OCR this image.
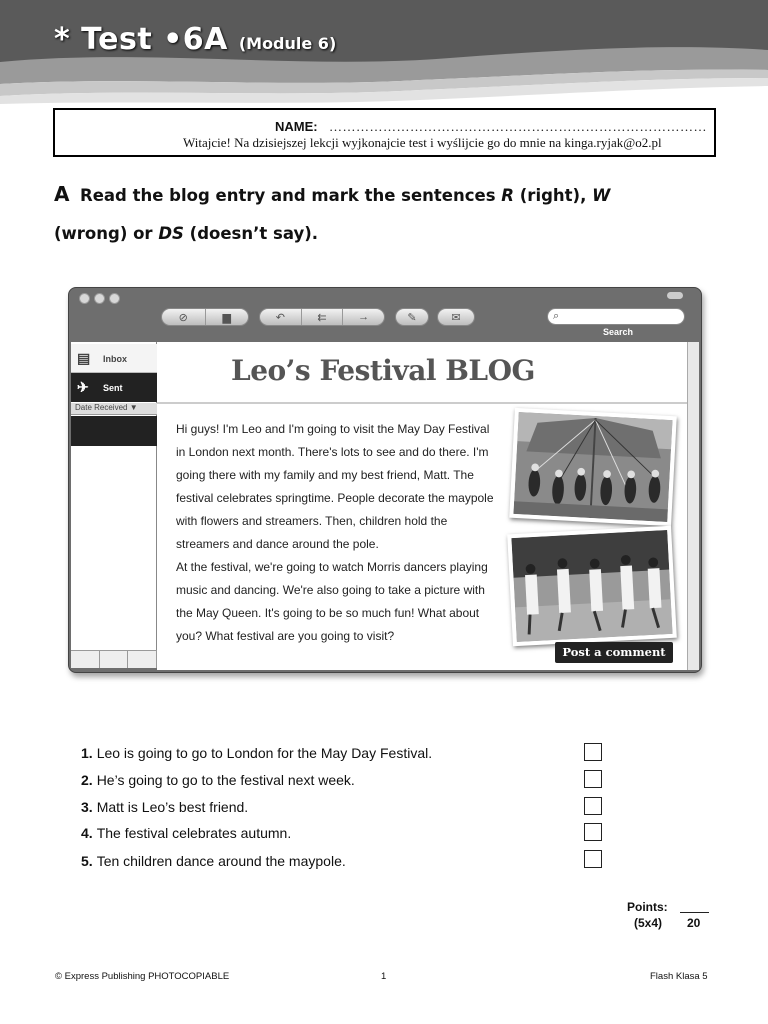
* Test •6A (Module 6)
NAME: …………………………………………………………………………
Witajcie! Na dzisiejszej lekcji wyjkonajcie test i wyślijcie go do mnie na kinga.ryjak@o2.pl
A Read the blog entry and mark the sentences R (right), W
(wrong) or DS (doesn’t say).
⊘	▆	↶	⇇	→	✎	✉	⌕
Search
▤ Inbox
✈ Sent
Date Received ▼
Leo’s Festival BLOG
Hi guys! I'm Leo and I'm going to visit the May Day Festival
in London next month. There's lots to see and do there. I'm
going there with my family and my best friend, Matt. The
festival celebrates springtime. People decorate the maypole
with flowers and streamers. Then, children hold the
streamers and dance around the pole.
At the festival, we're going to watch Morris dancers playing
music and dancing. We're also going to take a picture with
the May Queen. It's going to be so much fun! What about
you? What festival are you going to visit?
Post a comment
1. Leo is going to go to London for the May Day Festival.
2. He’s going to go to the festival next week.
3. Matt is Leo’s best friend.
4. The festival celebrates autumn.
5. Ten children dance around the maypole.
Points:
(5x4) 20
© Express Publishing PHOTOCOPIABLE	1	Flash Klasa 5
